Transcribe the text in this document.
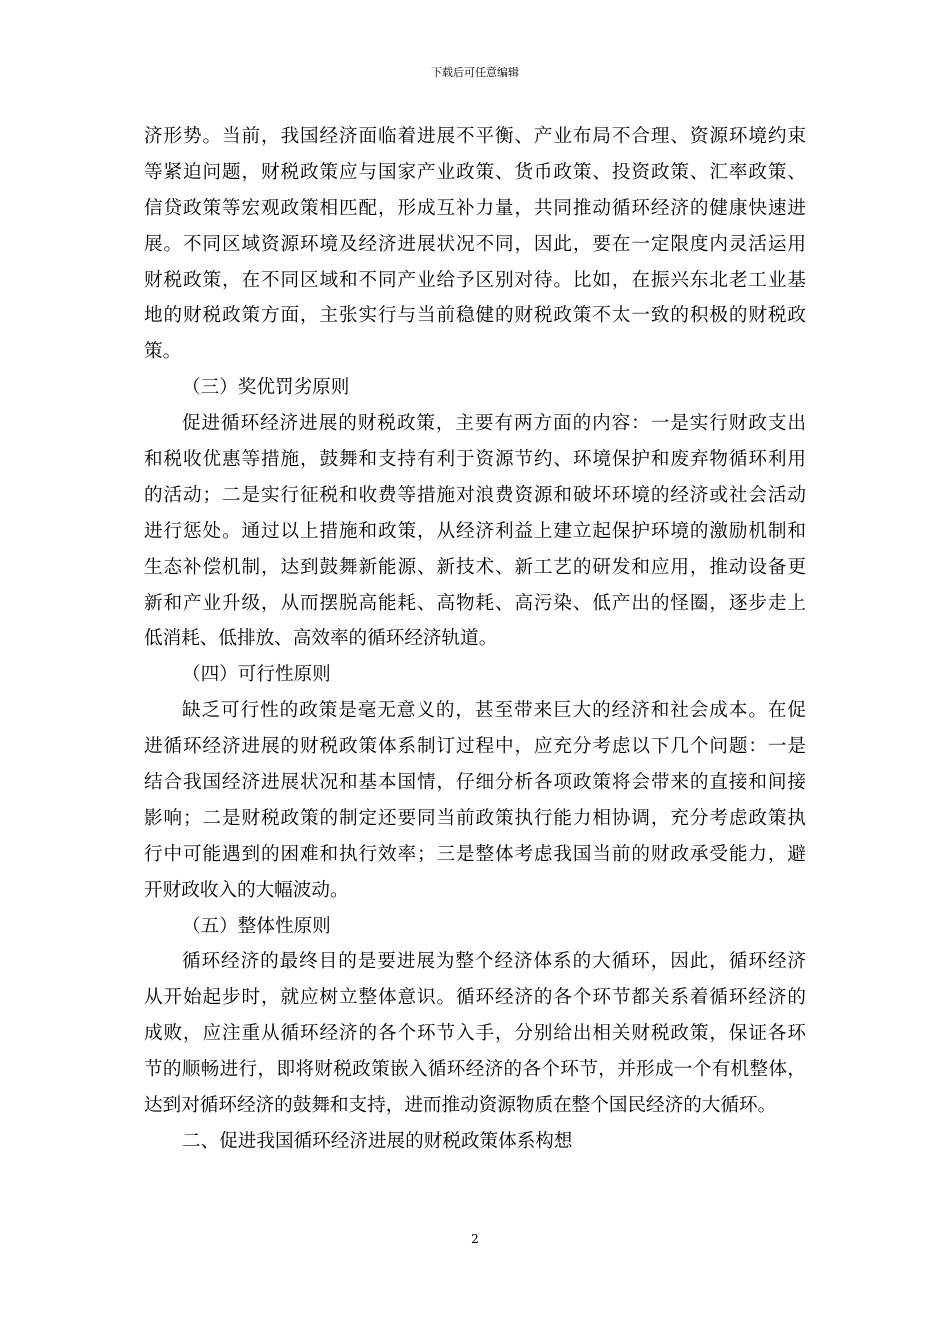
下载后可任意编辑
济形势。当前，我国经济面临着进展不平衡、产业布局不合理、资源环境约束
等紧迫问题，财税政策应与国家产业政策、货币政策、投资政策、汇率政策、
信贷政策等宏观政策相匹配，形成互补力量，共同推动循环经济的健康快速进
展。不同区域资源环境及经济进展状况不同，因此，要在一定限度内灵活运用
财税政策，在不同区域和不同产业给予区别对待。比如，在振兴东北老工业基
地的财税政策方面，主张实行与当前稳健的财税政策不太一致的积极的财税政
策。
（三）奖优罚劣原则
促进循环经济进展的财税政策，主要有两方面的内容：一是实行财政支出
和税收优惠等措施，鼓舞和支持有利于资源节约、环境保护和废弃物循环利用
的活动；二是实行征税和收费等措施对浪费资源和破坏环境的经济或社会活动
进行惩处。通过以上措施和政策，从经济利益上建立起保护环境的激励机制和
生态补偿机制，达到鼓舞新能源、新技术、新工艺的研发和应用，推动设备更
新和产业升级，从而摆脱高能耗、高物耗、高污染、低产出的怪圈，逐步走上
低消耗、低排放、高效率的循环经济轨道。
（四）可行性原则
缺乏可行性的政策是毫无意义的，甚至带来巨大的经济和社会成本。在促
进循环经济进展的财税政策体系制订过程中，应充分考虑以下几个问题：一是
结合我国经济进展状况和基本国情，仔细分析各项政策将会带来的直接和间接
影响；二是财税政策的制定还要同当前政策执行能力相协调，充分考虑政策执
行中可能遇到的困难和执行效率；三是整体考虑我国当前的财政承受能力，避
开财政收入的大幅波动。
（五）整体性原则
循环经济的最终目的是要进展为整个经济体系的大循环，因此，循环经济
从开始起步时，就应树立整体意识。循环经济的各个环节都关系着循环经济的
成败，应注重从循环经济的各个环节入手，分别给出相关财税政策，保证各环
节的顺畅进行，即将财税政策嵌入循环经济的各个环节，并形成一个有机整体，
达到对循环经济的鼓舞和支持，进而推动资源物质在整个国民经济的大循环。
二、促进我国循环经济进展的财税政策体系构想
2
